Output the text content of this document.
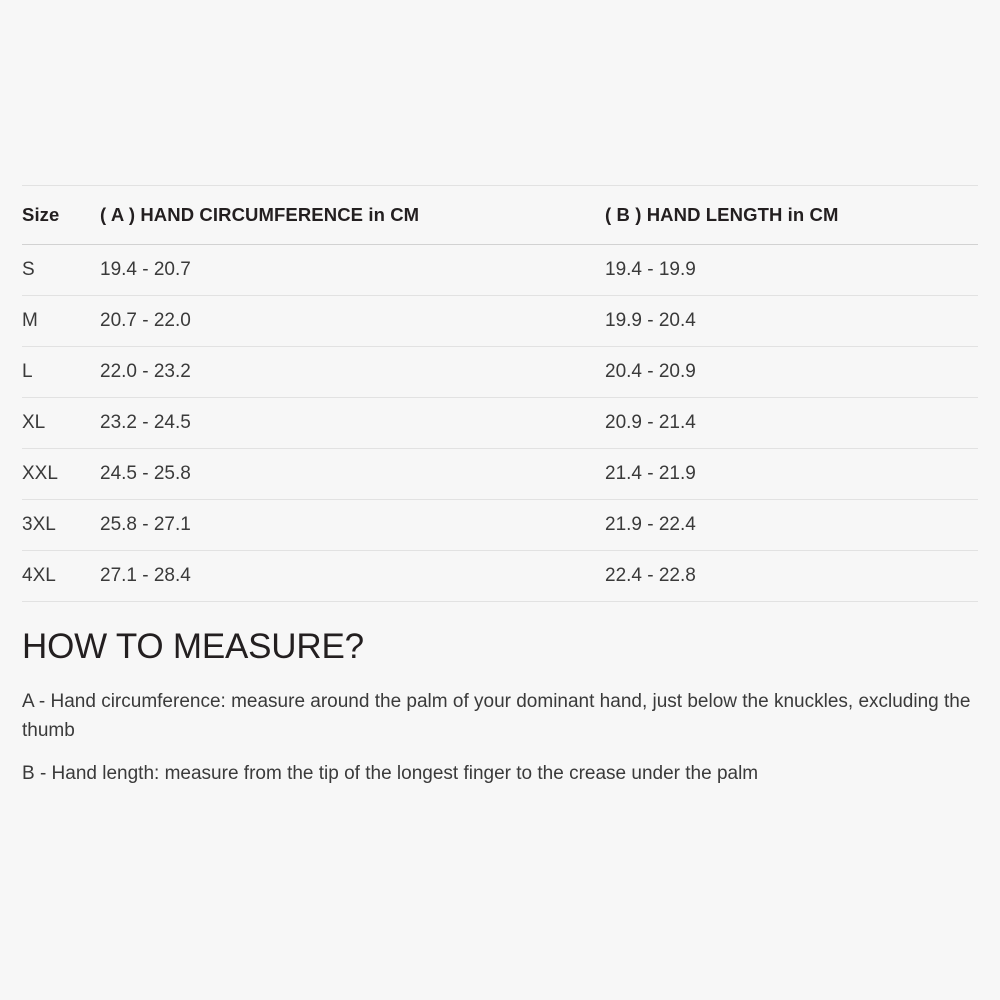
Size	( A ) HAND CIRCUMFERENCE in CM	( B ) HAND LENGTH in CM
S	19.4 - 20.7	19.4 - 19.9
M	20.7 - 22.0	19.9 - 20.4
L	22.0 - 23.2	20.4 - 20.9
XL	23.2 - 24.5	20.9 - 21.4
XXL	24.5 - 25.8	21.4 - 21.9
3XL	25.8 - 27.1	21.9 - 22.4
4XL	27.1 - 28.4	22.4 - 22.8
HOW TO MEASURE?

A - Hand circumference: measure around the palm of your dominant hand, just below the knuckles, excluding the thumb

B - Hand length: measure from the tip of the longest finger to the crease under the palm
